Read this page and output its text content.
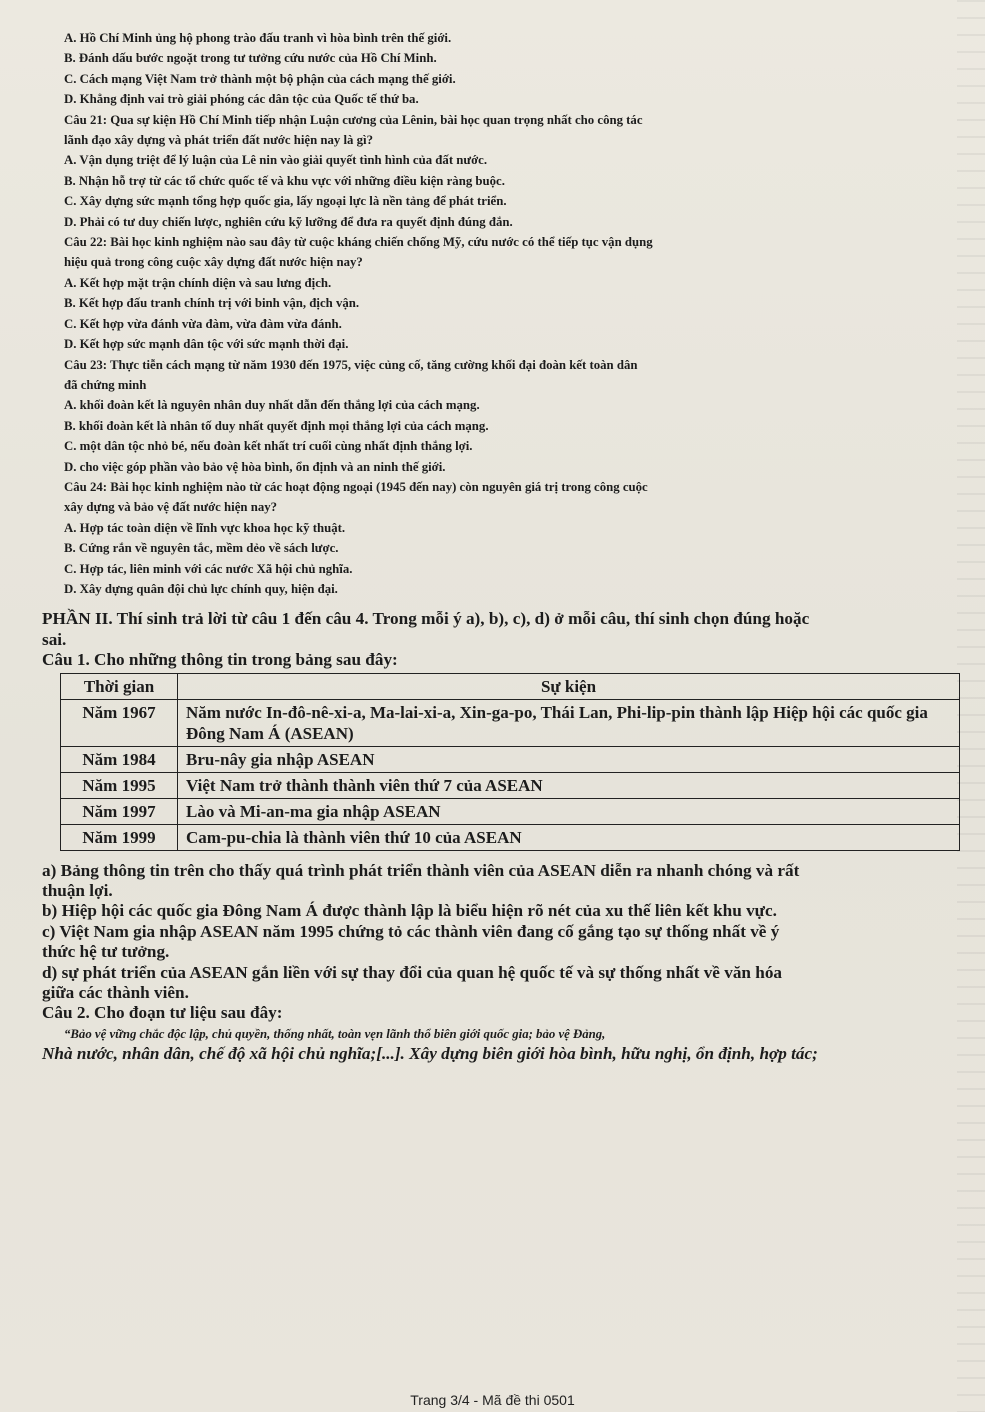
A. Hồ Chí Minh ủng hộ phong trào đấu tranh vì hòa bình trên thế giới.
B. Đánh dấu bước ngoặt trong tư tưởng cứu nước của Hồ Chí Minh.
C. Cách mạng Việt Nam trở thành một bộ phận của cách mạng thế giới.
D. Khẳng định vai trò giải phóng các dân tộc của Quốc tế thứ ba.
Câu 21: Qua sự kiện Hồ Chí Minh tiếp nhận Luận cương của Lênin, bài học quan trọng nhất cho công tác
lãnh đạo xây dựng và phát triển đất nước hiện nay là gì?
A. Vận dụng triệt để lý luận của Lê nin vào giải quyết tình hình của đất nước.
B. Nhận hỗ trợ từ các tổ chức quốc tế và khu vực với những điều kiện ràng buộc.
C. Xây dựng sức mạnh tổng hợp quốc gia, lấy ngoại lực là nền tảng để phát triển.
D. Phải có tư duy chiến lược, nghiên cứu kỹ lưỡng để đưa ra quyết định đúng đắn.
Câu 22: Bài học kinh nghiệm nào sau đây từ cuộc kháng chiến chống Mỹ, cứu nước có thể tiếp tục vận dụng
hiệu quả trong công cuộc xây dựng đất nước hiện nay?
A. Kết hợp mặt trận chính diện và sau lưng địch.
B. Kết hợp đấu tranh chính trị với binh vận, địch vận.
C. Kết hợp vừa đánh vừa đàm, vừa đàm vừa đánh.
D. Kết hợp sức mạnh dân tộc với sức mạnh thời đại.
Câu 23: Thực tiễn cách mạng từ năm 1930 đến 1975, việc củng cố, tăng cường khối đại đoàn kết toàn dân
đã chứng minh
A. khối đoàn kết là nguyên nhân duy nhất dẫn đến thắng lợi của cách mạng.
B. khối đoàn kết là nhân tố duy nhất quyết định mọi thắng lợi của cách mạng.
C. một dân tộc nhỏ bé, nếu đoàn kết nhất trí cuối cùng nhất định thắng lợi.
D. cho việc góp phần vào bảo vệ hòa bình, ổn định và an ninh thế giới.
Câu 24: Bài học kinh nghiệm nào từ các hoạt động ngoại (1945 đến nay) còn nguyên giá trị trong công cuộc
xây dựng và bảo vệ đất nước hiện nay?
A. Hợp tác toàn diện về lĩnh vực khoa học kỹ thuật.
B. Cứng rắn về nguyên tắc, mềm dẻo về sách lược.
C. Hợp tác, liên minh với các nước Xã hội chủ nghĩa.
D. Xây dựng quân đội chủ lực chính quy, hiện đại.
PHẦN II. Thí sinh trả lời từ câu 1 đến câu 4. Trong mỗi ý a), b), c), d) ở mỗi câu, thí sinh chọn đúng hoặc
sai.
Câu 1. Cho những thông tin trong bảng sau đây:
Thời gian	Sự kiện
Năm 1967	Năm nước In-đô-nê-xi-a, Ma-lai-xi-a, Xin-ga-po, Thái Lan, Phi-lip-pin thành lập Hiệp hội các quốc gia Đông Nam Á (ASEAN)
Năm 1984	Bru-nây gia nhập ASEAN
Năm 1995	Việt Nam trở thành thành viên thứ 7 của ASEAN
Năm 1997	Lào và Mi-an-ma gia nhập ASEAN
Năm 1999	Cam-pu-chia là thành viên thứ 10 của ASEAN
a) Bảng thông tin trên cho thấy quá trình phát triển thành viên của ASEAN diễn ra nhanh chóng và rất
thuận lợi.
b) Hiệp hội các quốc gia Đông Nam Á được thành lập là biểu hiện rõ nét của xu thế liên kết khu vực.
c) Việt Nam gia nhập ASEAN năm 1995 chứng tỏ các thành viên đang cố gắng tạo sự thống nhất về ý
thức hệ tư tưởng.
d) sự phát triển của ASEAN gắn liền với sự thay đổi của quan hệ quốc tế và sự thống nhất về văn hóa
giữa các thành viên.
Câu 2. Cho đoạn tư liệu sau đây:
“Bảo vệ vững chắc độc lập, chủ quyền, thống nhất, toàn vẹn lãnh thổ biên giới quốc gia; bảo vệ Đảng,
Nhà nước, nhân dân, chế độ xã hội chủ nghĩa;[...]. Xây dựng biên giới hòa bình, hữu nghị, ổn định, hợp tác;
Trang 3/4 - Mã đề thi 0501
